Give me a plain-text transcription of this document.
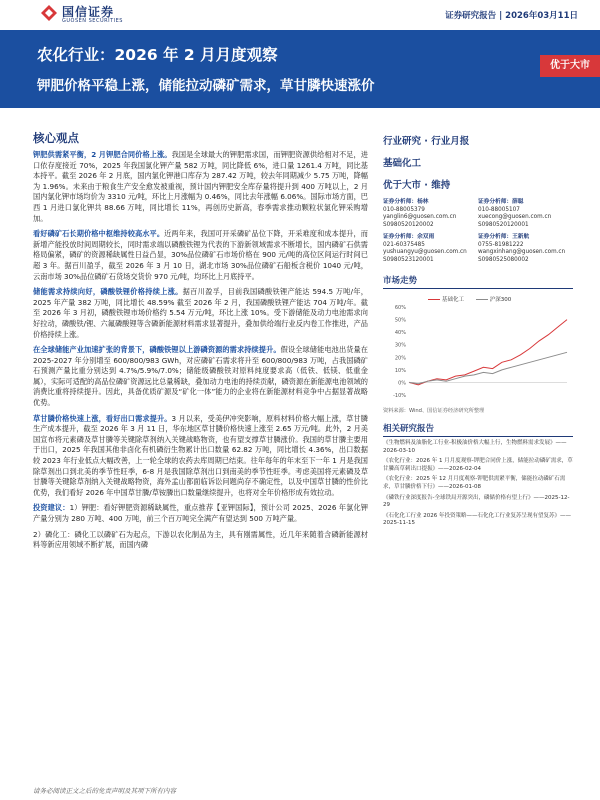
国信证券
GUOSEN SECURITIES	证券研究报告 | 2026年03月11日
农化行业：2026 年 2 月月度观察
钾肥价格平稳上涨，储能拉动磷矿需求，草甘膦快速涨价
优于大市
核心观点
钾肥供需紧平衡，2 月钾肥合同价格上涨。我国是全球最大的钾肥需求国，而钾肥资源供给相对不足，进口依存度接近 70%，2025 年我国氯化钾产量 582 万吨，同比降低 6%，进口量 1261.4 万吨，同比基本持平。截至 2026 年 2 月底，国内氯化钾港口库存为 287.42 万吨，较去年同期减少 5.75 万吨，降幅为 1.96%。未来由于粮食生产安全愈发被重视，预计国内钾肥安全库存量将提升到 400 万吨以上，2 月国内氯化钾市场均价为 3310 元/吨，环比上月涨幅为 0.46%，同比去年涨幅 6.06%。国际市场方面，巴西 1 月进口氯化钾共 88.66 万吨，同比增长 11%，再创历史新高，春季需求推动颗粒状氯化钾采购增加。
看好磷矿石长期价格中枢维持较高水平。近两年来，我国可开采磷矿品位下降，开采难度和成本提升，而新增产能投放时间周期较长，同时需求端以磷酸铁锂为代表的下游新领域需求不断增长，国内磷矿石供需格局偏紧，磷矿的资源稀缺属性日益凸显，30%品位磷矿石市场价格在 900 元/吨的高位区间运行时间已超 3 年。据百川盈孚，截至 2026 年 3 月 10 日，湖北市场 30%品位磷矿石船板含税价 1040 元/吨，云南市场 30%品位磷矿石货场交货价 970 元/吨，均环比上月底持平。
储能需求持续向好，磷酸铁锂价格持续上涨。据百川盈孚，目前我国磷酸铁锂产能达 594.5 万吨/年，2025 年产量 382 万吨，同比增长 48.59% 截至 2026 年 2 月，我国磷酸铁锂产能达 704 万吨/年。截至 2026 年 3 月初，磷酸铁锂市场价格约 5.54 万元/吨，环比上涨 10%。受下游储能及动力电池需求向好拉动，磷酸铁/锂、六氟磷酸锂等含磷新能源材料需求显著提升，叠加供给端行业反内卷工作推进，产品价格持续上涨。
在全球储能产业加速扩张的背景下，磷酸铁锂以上游磷资源的需求持续提升。假设全球储能电池出货量在 2025-2027 年分别增至 600/800/983 GWh，对应磷矿石需求将升至 600/800/983 万吨，占我国磷矿石预测产量比重分别达到 4.7%/5.9%/7.0%；储能级磷酸铁对原料纯度要求高（低铁、低镁、低重金属），实际可适配的高品位磷矿资源远比总量稀缺，叠加动力电池的持续贡献，磷资源在新能源电池领域的消费比重将持续提升。因此，具备优质矿源及“矿化一体”能力的企业将在新能源材料竞争中占据显著战略优势。
草甘膦价格快速上涨，看好出口需求提升。3 月以来，受美伊冲突影响，原料材料价格大幅上涨，草甘膦生产成本提升，截至 2026 年 3 月 11 日，华东地区草甘膦价格快速上涨至 2.65 万元/吨。此外，2 月美国宣布将元素磷及草甘膦等关键除草剂纳入关键战略物资，也有望支撑草甘膦涨价。我国的草甘膦主要用于出口，2025 年我国其他非卤化有机磷衍生物累计出口数量 62.82 万吨，同比增长 4.36%，出口数据较 2023 年行业低点大幅改善，上一轮全球的农药去库周期已结束。往年每年的年末至下一年 1 月是我国除草剂出口到北美的季节性旺季，6-8 月是我国除草剂出口到南美的季节性旺季。考虑美国将元素磷及草甘膦等关键除草剂纳入关键战略物资，海外孟山都面临诉讼问题尚存不确定性，以及中国草甘膦的性价比优势，我们看好 2026 年中国草甘膦/草铵膦出口数量继续提升，也将对全年价格形成有效拉动。
投资建议：1）钾肥：看好钾肥资源稀缺属性，重点推荐【亚钾国际】，预计公司 2025、2026 年氯化钾产量分别为 280 万吨、400 万吨，前三个百万吨完全满产有望达到 500 万吨产量。
2）磷化工：磷化工以磷矿石为起点，下游以农化制品为主，具有刚需属性，近几年来随着含磷新能源材料等新应用领域不断扩展，而国内磷
行业研究 · 行业月报
基础化工
优于大市 · 维持
证券分析师：杨林
010-88005379
yanglin6@guosen.com.cn
S0980520120002
证券分析师：薛聪
010-88005107
xuecong@guosen.com.cn
S0980520120001
证券分析师：余双雨
021-60375485
yushuangyu@guosen.com.cn
S0980523120001
证券分析师：王新航
0755-81981222
wangxinhang@guosen.com.cn
S0980525080002
市场走势
基础化工	沪深300
60%
50%
40%
30%
20%
10%
0%
-10%
资料来源：Wind、国信证券经济研究所整理
相关研究报告
《生物燃料及油脂化工行业-积极油价格大幅上行，生物燃料需求发展》——2026-03-10
《农化行业：2026 年 1 月月度观察-钾肥合同价上涨，储能拉动磷矿需求，草甘膦高草刺出口提振》——2026-02-04
《农化行业：2025 年 12 月月度观察-钾肥供需紧平衡，储能拉动磷矿石需求，草甘膦价格下行》——2026-01-08
《磷铁行业深度报告-全球铁局开源突出，磷储价格有望上行》——2025-12-29
《石化化工行业 2026 年投资策略——石化化工行业复苏呈现有望复苏》——2025-11-15
请务必阅读正文之后的免责声明及其项下所有内容
